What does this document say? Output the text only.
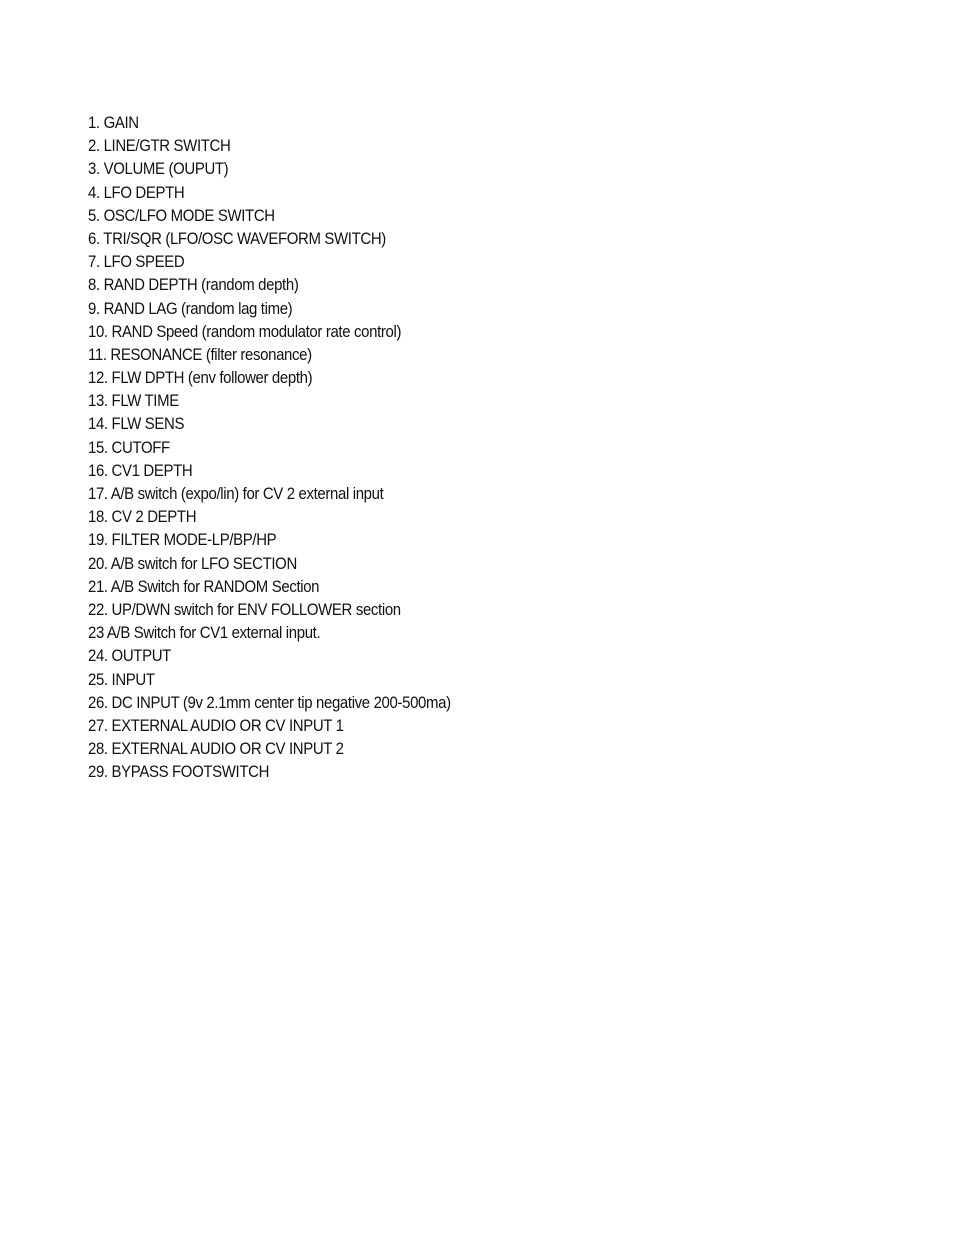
1. GAIN
2. LINE/GTR SWITCH
3. VOLUME (OUPUT)
4. LFO DEPTH
5. OSC/LFO MODE SWITCH
6. TRI/SQR (LFO/OSC WAVEFORM SWITCH)
7. LFO SPEED
8. RAND DEPTH (random depth)
9. RAND LAG (random lag time)
10. RAND Speed (random modulator rate control)
11. RESONANCE (filter resonance)
12. FLW DPTH (env follower depth)
13. FLW TIME
14. FLW SENS
15. CUTOFF
16. CV1 DEPTH
17. A/B switch (expo/lin) for CV 2 external input
18. CV 2 DEPTH
19. FILTER MODE-LP/BP/HP
20. A/B switch for LFO SECTION
21. A/B Switch for RANDOM Section
22. UP/DWN switch for ENV FOLLOWER section
23 A/B Switch for CV1 external input.
24. OUTPUT
25. INPUT
26. DC INPUT (9v 2.1mm center tip negative 200-500ma)
27. EXTERNAL AUDIO OR CV INPUT 1
28. EXTERNAL AUDIO OR CV INPUT 2
29. BYPASS FOOTSWITCH
